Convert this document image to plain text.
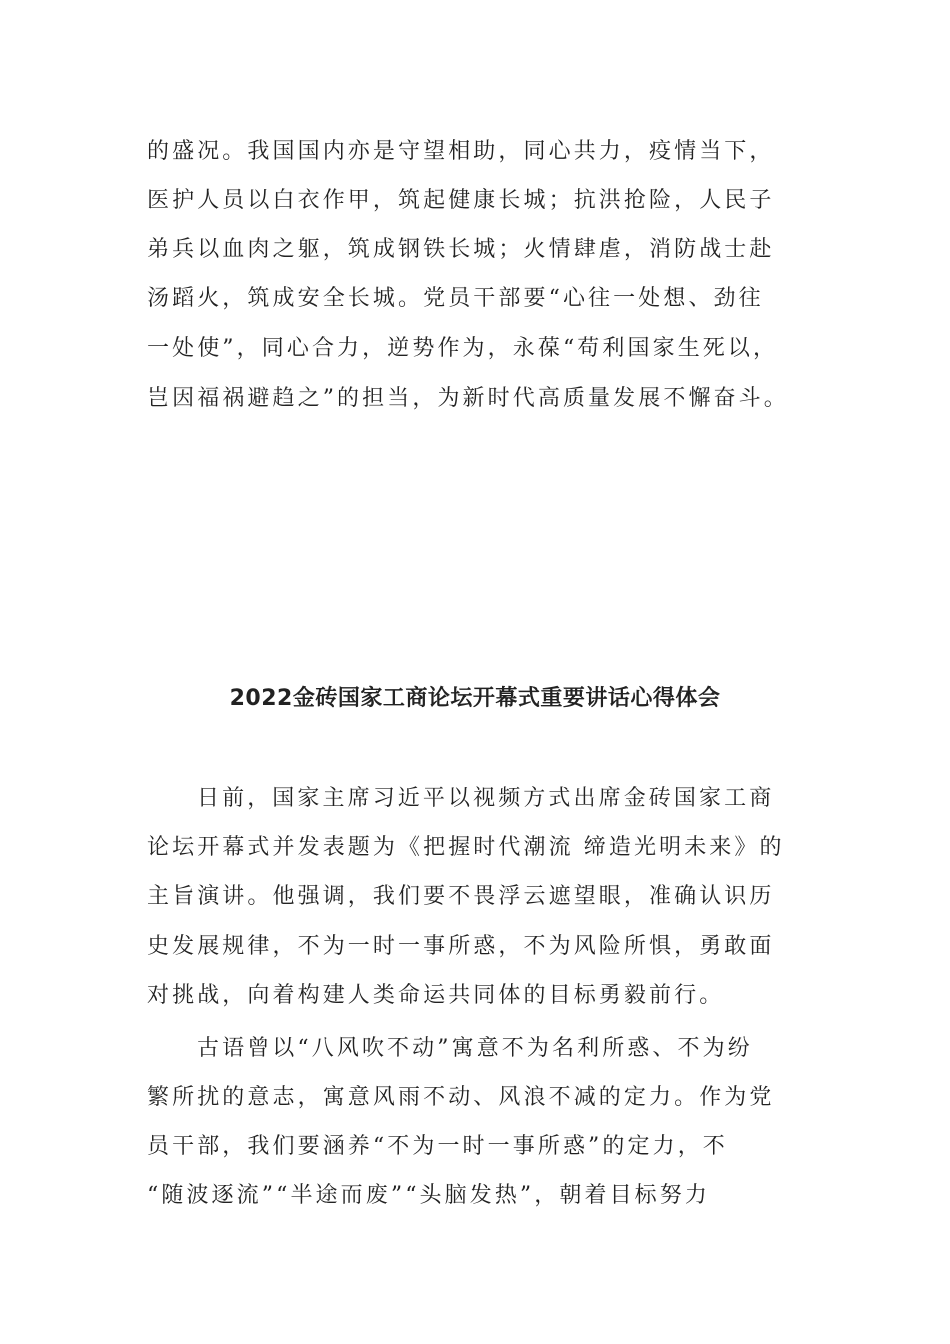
的盛况。我国国内亦是守望相助，同心共力，疫情当下，
医护人员以白衣作甲，筑起健康长城；抗洪抢险，人民子
弟兵以血肉之躯，筑成钢铁长城；火情肆虐，消防战士赴
汤蹈火，筑成安全长城。党员干部要“心往一处想、劲往
一处使”，同心合力，逆势作为，永葆“苟利国家生死以，
岂因福祸避趋之”的担当，为新时代高质量发展不懈奋斗。
2022金砖国家工商论坛开幕式重要讲话心得体会
日前，国家主席习近平以视频方式出席金砖国家工商
论坛开幕式并发表题为《把握时代潮流 缔造光明未来》的
主旨演讲。他强调，我们要不畏浮云遮望眼，准确认识历
史发展规律，不为一时一事所惑，不为风险所惧，勇敢面
对挑战，向着构建人类命运共同体的目标勇毅前行。
古语曾以“八风吹不动”寓意不为名利所惑、不为纷
繁所扰的意志，寓意风雨不动、风浪不减的定力。作为党
员干部，我们要涵养“不为一时一事所惑”的定力，不
“随波逐流”“半途而废”“头脑发热”，朝着目标努力
